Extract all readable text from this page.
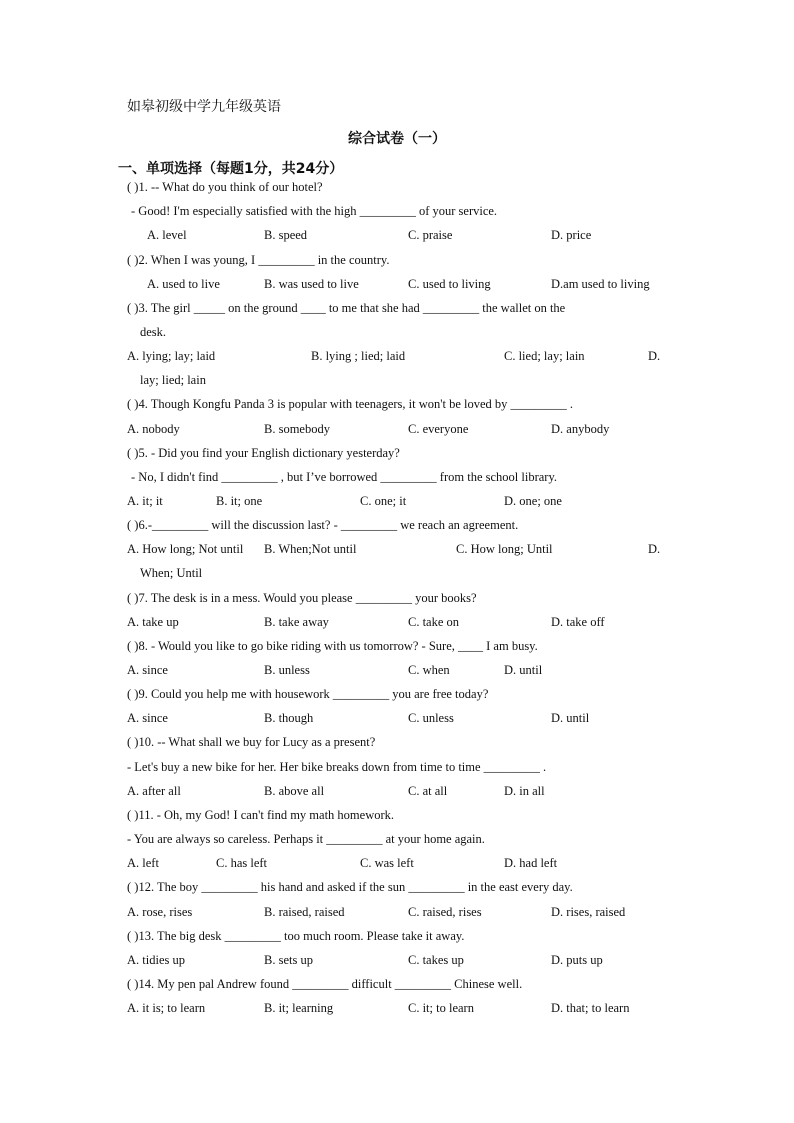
如皋初级中学九年级英语
综合试卷（一）
一、单项选择（每题1分，共24分）
( )1. -- What do you think of our hotel?
- Good! I'm especially satisfied with the high _________ of your service.
A. level	B. speed	C. praise	D. price
( )2. When I was young, I _________ in the country.
A. used to live	B. was used to live	C. used to living	D.am used to living
( )3. The girl _____ on the ground ____ to me that she had _________ the wallet on the
desk.
A. lying; lay; laid	B. lying ; lied; laid	C. lied; lay; lain	D.
lay; lied; lain
( )4. Though Kongfu Panda 3 is popular with teenagers, it won't be loved by _________ .
A. nobody	B. somebody	C. everyone	D. anybody
( )5. - Did you find your English dictionary yesterday?
- No, I didn't find _________ , but I’ve borrowed _________ from the school library.
A. it; it	B. it; one	C. one; it	D. one; one
( )6.-_________ will the discussion last? - _________ we reach an agreement.
A. How long; Not until B. When;Not until	C. How long; Until	D.
When; Until
( )7. The desk is in a mess. Would you please _________ your books?
A. take up	B. take away	C. take on	D. take off
( )8. - Would you like to go bike riding with us tomorrow? - Sure, ____ I am busy.
A. since	B. unless	C. when	D. until
( )9. Could you help me with housework _________ you are free today?
A. since	B. though	C. unless	D. until
( )10. -- What shall we buy for Lucy as a present?
- Let's buy a new bike for her. Her bike breaks down from time to time _________ .
A. after all	B. above all	C. at all	D. in all
( )11. - Oh, my God! I can't find my math homework.
- You are always so careless. Perhaps it _________ at your home again.
A. left	C. has left	C. was left	D. had left
( )12. The boy _________ his hand and asked if the sun _________ in the east every day.
A. rose, rises	B. raised, raised	C. raised, rises	D. rises, raised
( )13. The big desk _________ too much room. Please take it away.
A. tidies up	B. sets up	C. takes up	D. puts up
( )14. My pen pal Andrew found _________ difficult _________ Chinese well.
A. it is; to learn	B. it; learning	C. it; to learn	D. that; to learn
